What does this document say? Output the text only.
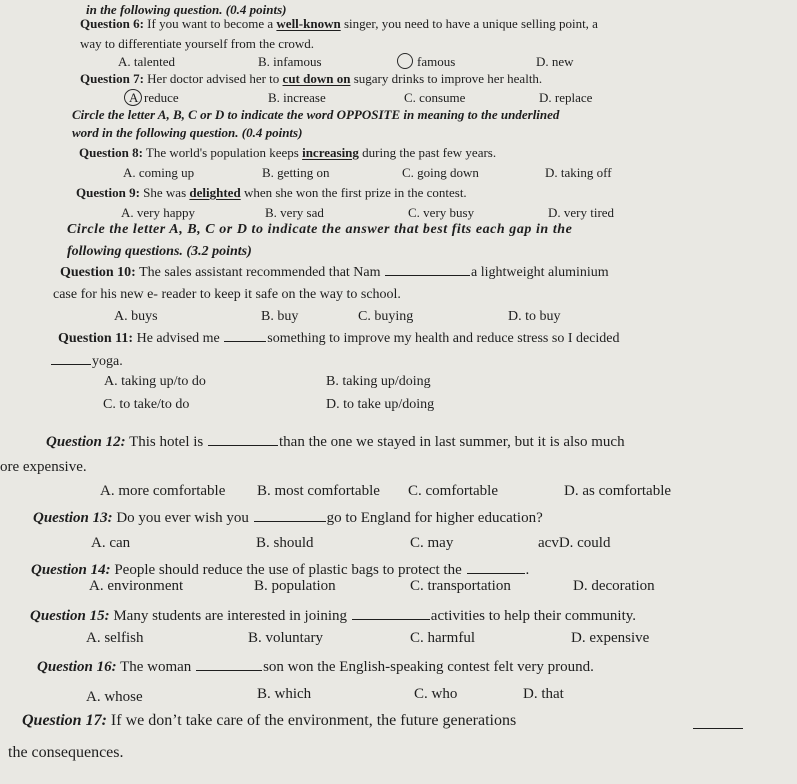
in the following question. (0.4 points)
Question 6: If you want to become a well-known singer, you need to have a unique selling point, a
way to differentiate yourself from the crowd.
A. talented	B. infamous	famous	D. new
Question 7: Her doctor advised her to cut down on sugary drinks to improve her health.
A reduce	B. increase	C. consume	D. replace
Circle the letter A, B, C or D to indicate the word OPPOSITE in meaning to the underlined
word in the following question. (0.4 points)
Question 8: The world's population keeps increasing during the past few years.
A. coming up	B. getting on	C. going down	D. taking off
Question 9: She was delighted when she won the first prize in the contest.
A. very happy	B. very sad	C. very busy	D. very tired
Circle the letter A, B, C or D to indicate the answer that best fits each gap in the
following questions. (3.2 points)
Question 10: The sales assistant recommended that Nam	a lightweight aluminium
case for his new e- reader to keep it safe on the way to school.
A. buys	B. buy	C. buying	D. to buy
Question 11: He advised me	something to improve my health and reduce stress so I decided
yoga.
A. taking up/to do	B. taking up/doing
C. to take/to do	D. to take up/doing
Question 12: This hotel is	than the one we stayed in last summer, but it is also much
ore expensive.
A. more comfortable B. most comfortable C. comfortable	D. as comfortable
Question 13: Do you ever wish you	go to England for higher education?
A. can	B. should	C. may	acvD. could
Question 14: People should reduce the use of plastic bags to protect the	.
A. environment	B. population	C. transportation	D. decoration
Question 15: Many students are interested in joining	activities to help their community.
A. selfish	B. voluntary	C. harmful	D. expensive
Question 16: The woman	son won the English-speaking contest felt very pround.
A. whose	B. which	C. who	D. that
Question 17: If we don’t take care of the environment, the future generations
the consequences.
